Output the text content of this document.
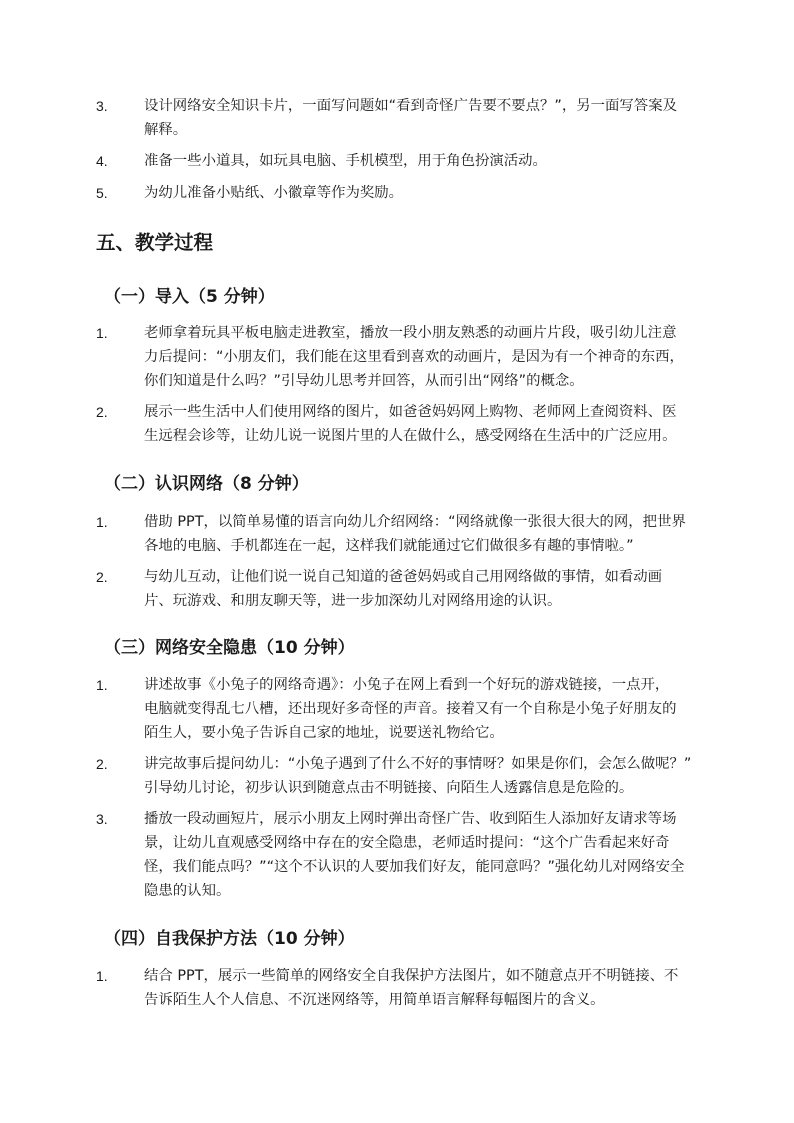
3.	设计网络安全知识卡片，一面写问题如“看到奇怪广告要不要点？”，另一面写答案及
解释。
4.	准备一些小道具，如玩具电脑、手机模型，用于角色扮演活动。
5.	为幼儿准备小贴纸、小徽章等作为奖励。
五、教学过程
（一）导入（5 分钟）
1.	老师拿着玩具平板电脑走进教室，播放一段小朋友熟悉的动画片片段，吸引幼儿注意
力后提问：“小朋友们，我们能在这里看到喜欢的动画片，是因为有一个神奇的东西，
你们知道是什么吗？”引导幼儿思考并回答，从而引出“网络”的概念。
2.	展示一些生活中人们使用网络的图片，如爸爸妈妈网上购物、老师网上查阅资料、医
生远程会诊等，让幼儿说一说图片里的人在做什么，感受网络在生活中的广泛应用。
（二）认识网络（8 分钟）
1.	借助 PPT，以简单易懂的语言向幼儿介绍网络：“网络就像一张很大很大的网，把世界
各地的电脑、手机都连在一起，这样我们就能通过它们做很多有趣的事情啦。”
2.	与幼儿互动，让他们说一说自己知道的爸爸妈妈或自己用网络做的事情，如看动画
片、玩游戏、和朋友聊天等，进一步加深幼儿对网络用途的认识。
（三）网络安全隐患（10 分钟）
1.	讲述故事《小兔子的网络奇遇》：小兔子在网上看到一个好玩的游戏链接，一点开，
电脑就变得乱七八槽，还出现好多奇怪的声音。接着又有一个自称是小兔子好朋友的
陌生人，要小兔子告诉自己家的地址，说要送礼物给它。
2.	讲完故事后提问幼儿：“小兔子遇到了什么不好的事情呀？如果是你们，会怎么做呢？”
引导幼儿讨论，初步认识到随意点击不明链接、向陌生人透露信息是危险的。
3.	播放一段动画短片，展示小朋友上网时弹出奇怪广告、收到陌生人添加好友请求等场
景，让幼儿直观感受网络中存在的安全隐患，老师适时提问：“这个广告看起来好奇
怪，我们能点吗？”“这个不认识的人要加我们好友，能同意吗？”强化幼儿对网络安全
隐患的认知。
（四）自我保护方法（10 分钟）
1.	结合 PPT，展示一些简单的网络安全自我保护方法图片，如不随意点开不明链接、不
告诉陌生人个人信息、不沉迷网络等，用简单语言解释每幅图片的含义。
